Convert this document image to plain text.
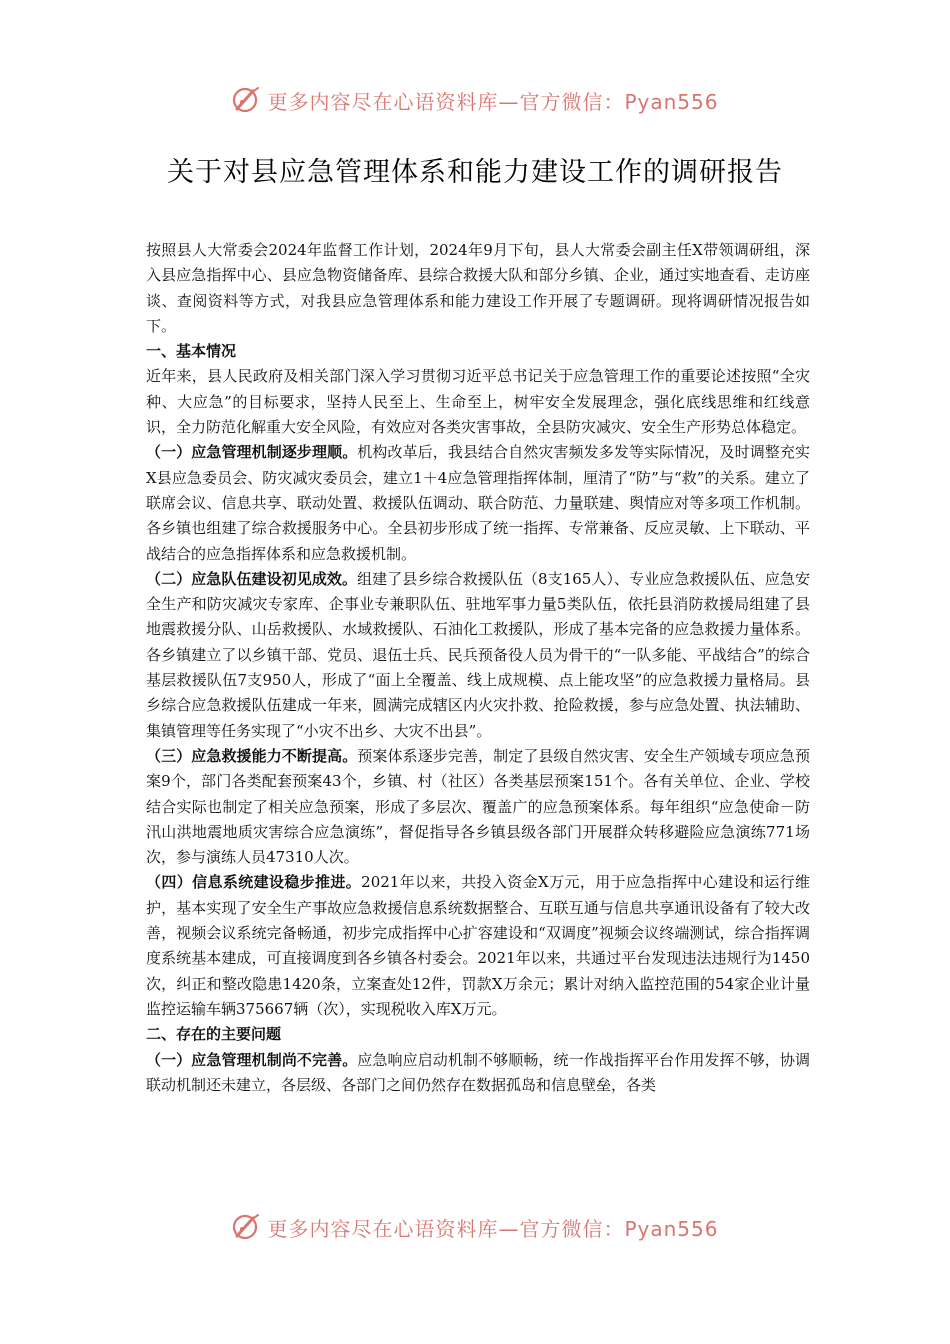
更多内容尽在心语资料库—官方微信：Pyan556
关于对县应急管理体系和能力建设工作的调研报告

按照县人大常委会2024年监督工作计划，2024年9月下旬，县人大常委会副主任X带领调研组，深入县应急指挥中心、县应急物资储备库、县综合救援大队和部分乡镇、企业，通过实地查看、走访座谈、查阅资料等方式，对我县应急管理体系和能力建设工作开展了专题调研。现将调研情况报告如下。

一、基本情况

近年来，县人民政府及相关部门深入学习贯彻习近平总书记关于应急管理工作的重要论述按照“全灾种、大应急”的目标要求，坚持人民至上、生命至上，树牢安全发展理念，强化底线思维和红线意识，全力防范化解重大安全风险，有效应对各类灾害事故，全县防灾减灾、安全生产形势总体稳定。

（一）应急管理机制逐步理顺。机构改革后，我县结合自然灾害频发多发等实际情况，及时调整充实X县应急委员会、防灾减灾委员会，建立1＋4应急管理指挥体制，厘清了“防”与“救”的关系。建立了联席会议、信息共享、联动处置、救援队伍调动、联合防范、力量联建、舆情应对等多项工作机制。各乡镇也组建了综合救援服务中心。全县初步形成了统一指挥、专常兼备、反应灵敏、上下联动、平战结合的应急指挥体系和应急救援机制。

（二）应急队伍建设初见成效。组建了县乡综合救援队伍（8支165人）、专业应急救援队伍、应急安全生产和防灾减灾专家库、企事业专兼职队伍、驻地军事力量5类队伍，依托县消防救援局组建了县地震救援分队、山岳救援队、水域救援队、石油化工救援队，形成了基本完备的应急救援力量体系。各乡镇建立了以乡镇干部、党员、退伍士兵、民兵预备役人员为骨干的“一队多能、平战结合”的综合基层救援队伍7支950人，形成了“面上全覆盖、线上成规模、点上能攻坚”的应急救援力量格局。县乡综合应急救援队伍建成一年来，圆满完成辖区内火灾扑救、抢险救援，参与应急处置、执法辅助、集镇管理等任务实现了“小灾不出乡、大灾不出县”。

（三）应急救援能力不断提高。预案体系逐步完善，制定了县级自然灾害、安全生产领域专项应急预案9个，部门各类配套预案43个，乡镇、村（社区）各类基层预案151个。各有关单位、企业、学校结合实际也制定了相关应急预案，形成了多层次、覆盖广的应急预案体系。每年组织“应急使命－防汛山洪地震地质灾害综合应急演练”，督促指导各乡镇县级各部门开展群众转移避险应急演练771场次，参与演练人员47310人次。

（四）信息系统建设稳步推进。2021年以来，共投入资金X万元，用于应急指挥中心建设和运行维护，基本实现了安全生产事故应急救援信息系统数据整合、互联互通与信息共享通讯设备有了较大改善，视频会议系统完备畅通，初步完成指挥中心扩容建设和“双调度”视频会议终端测试，综合指挥调度系统基本建成，可直接调度到各乡镇各村委会。2021年以来，共通过平台发现违法违规行为1450次，纠正和整改隐患1420条，立案查处12件，罚款X万余元；累计对纳入监控范围的54家企业计量监控运输车辆375667辆（次），实现税收入库X万元。

二、存在的主要问题

（一）应急管理机制尚不完善。应急响应启动机制不够顺畅，统一作战指挥平台作用发挥不够，协调联动机制还未建立，各层级、各部门之间仍然存在数据孤岛和信息壁垒，各类

更多内容尽在心语资料库—官方微信：Pyan556
